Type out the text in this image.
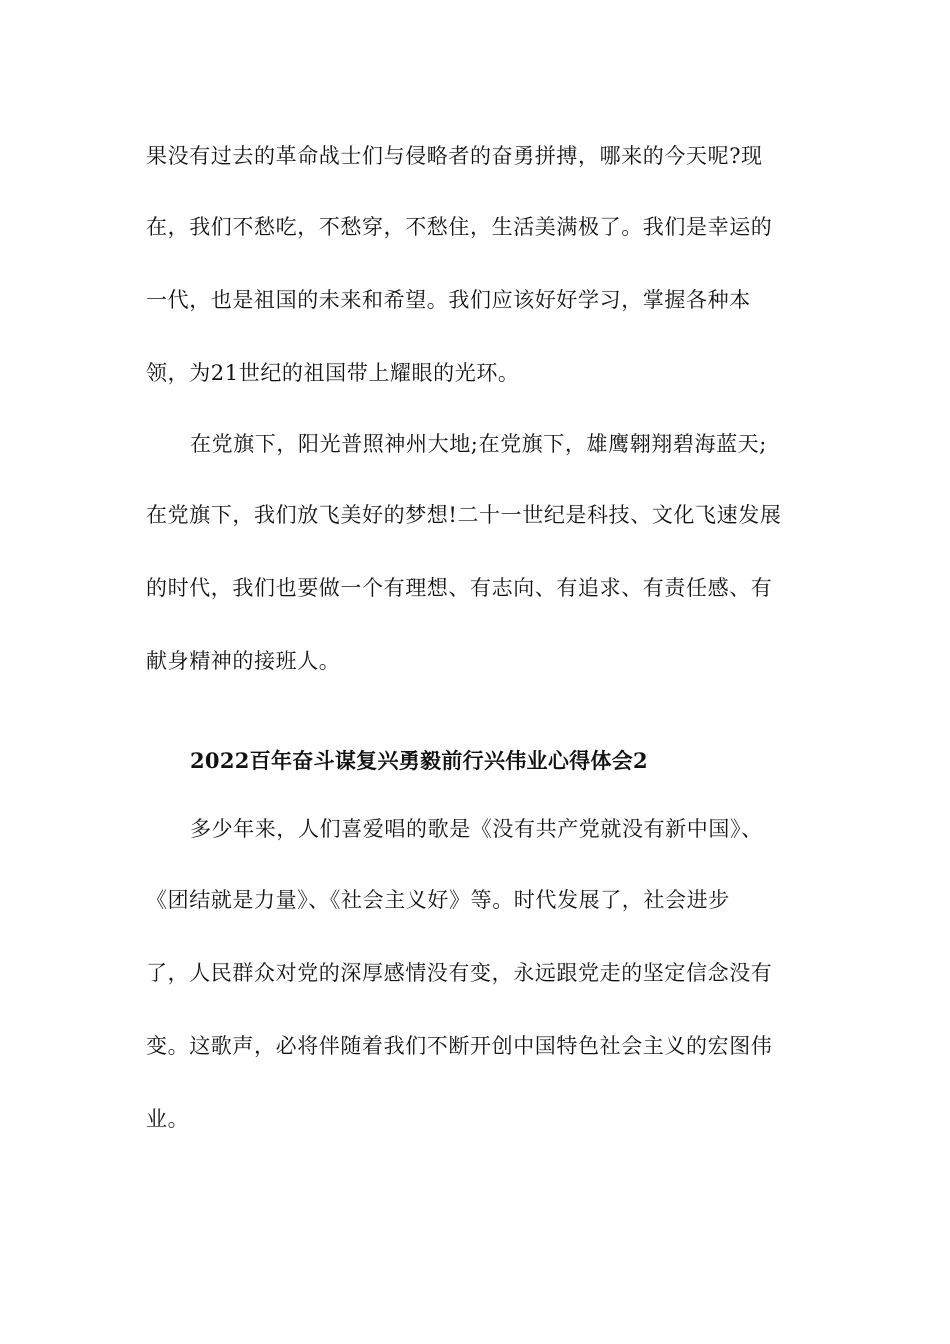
果没有过去的革命战士们与侵略者的奋勇拼搏，哪来的今天呢?现
在，我们不愁吃，不愁穿，不愁住，生活美满极了。我们是幸运的
一代，也是祖国的未来和希望。我们应该好好学习，掌握各种本
领，为21世纪的祖国带上耀眼的光环。
在党旗下，阳光普照神州大地;在党旗下，雄鹰翱翔碧海蓝天;
在党旗下，我们放飞美好的梦想!二十一世纪是科技、文化飞速发展
的时代，我们也要做一个有理想、有志向、有追求、有责任感、有
献身精神的接班人。
2022百年奋斗谋复兴勇毅前行兴伟业心得体会2
多少年来，人们喜爱唱的歌是《没有共产党就没有新中国》、
《团结就是力量》、《社会主义好》等。时代发展了，社会进步
了，人民群众对党的深厚感情没有变，永远跟党走的坚定信念没有
变。这歌声，必将伴随着我们不断开创中国特色社会主义的宏图伟
业。
